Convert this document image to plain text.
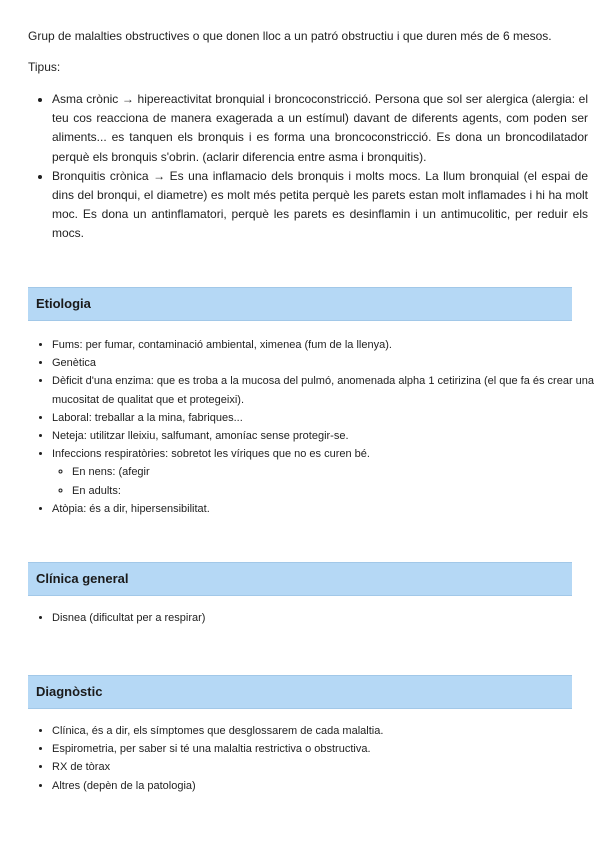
Grup de malalties obstructives o que donen lloc a un patró obstructiu i que duren més de 6 mesos.

Tipus:

• Asma crònic → hipereactivitat bronquial i broncoconstricció. Persona que sol ser alergica (alergia: el teu cos reacciona de manera exagerada a un estímul) davant de diferents agents, com poden ser aliments... es tanquen els bronquis i es forma una broncoconstricció. Es dona un broncodilatador perquè els bronquis s'obrin. (aclarir diferencia entre asma i bronquitis).
• Bronquitis crònica → Es una inflamacio dels bronquis i molts mocs. La llum bronquial (el espai de dins del bronqui, el diametre) es molt més petita perquè les parets estan molt inflamades i hi ha molt moc. Es dona un antinflamatori, perquè les parets es desinflamin i un antimucolitic, per reduir els mocs.
Etiologia
• Fums: per fumar, contaminació ambiental, ximenea (fum de la llenya).
• Genètica
• Dèficit d'una enzima: que es troba a la mucosa del pulmó, anomenada alpha 1 cetirizina (el que fa és crear una mucositat de qualitat que et protegeixi).
• Laboral: treballar a la mina, fabriques...
• Neteja: utilitzar lleixiu, salfumant, amoníac sense protegir-se.
• Infeccions respiratòries: sobretot les víriques que no es curen bé.
◦ En nens: (afegir
◦ En adults:
• Atòpia: és a dir, hipersensibilitat.
Clínica general
• Disnea (dificultat per a respirar)
Diagnòstic
• Clínica, és a dir, els símptomes que desglossarem de cada malaltia.
• Espirometria, per saber si té una malaltia restrictiva o obstructiva.
• RX de tòrax
• Altres (depèn de la patologia)
